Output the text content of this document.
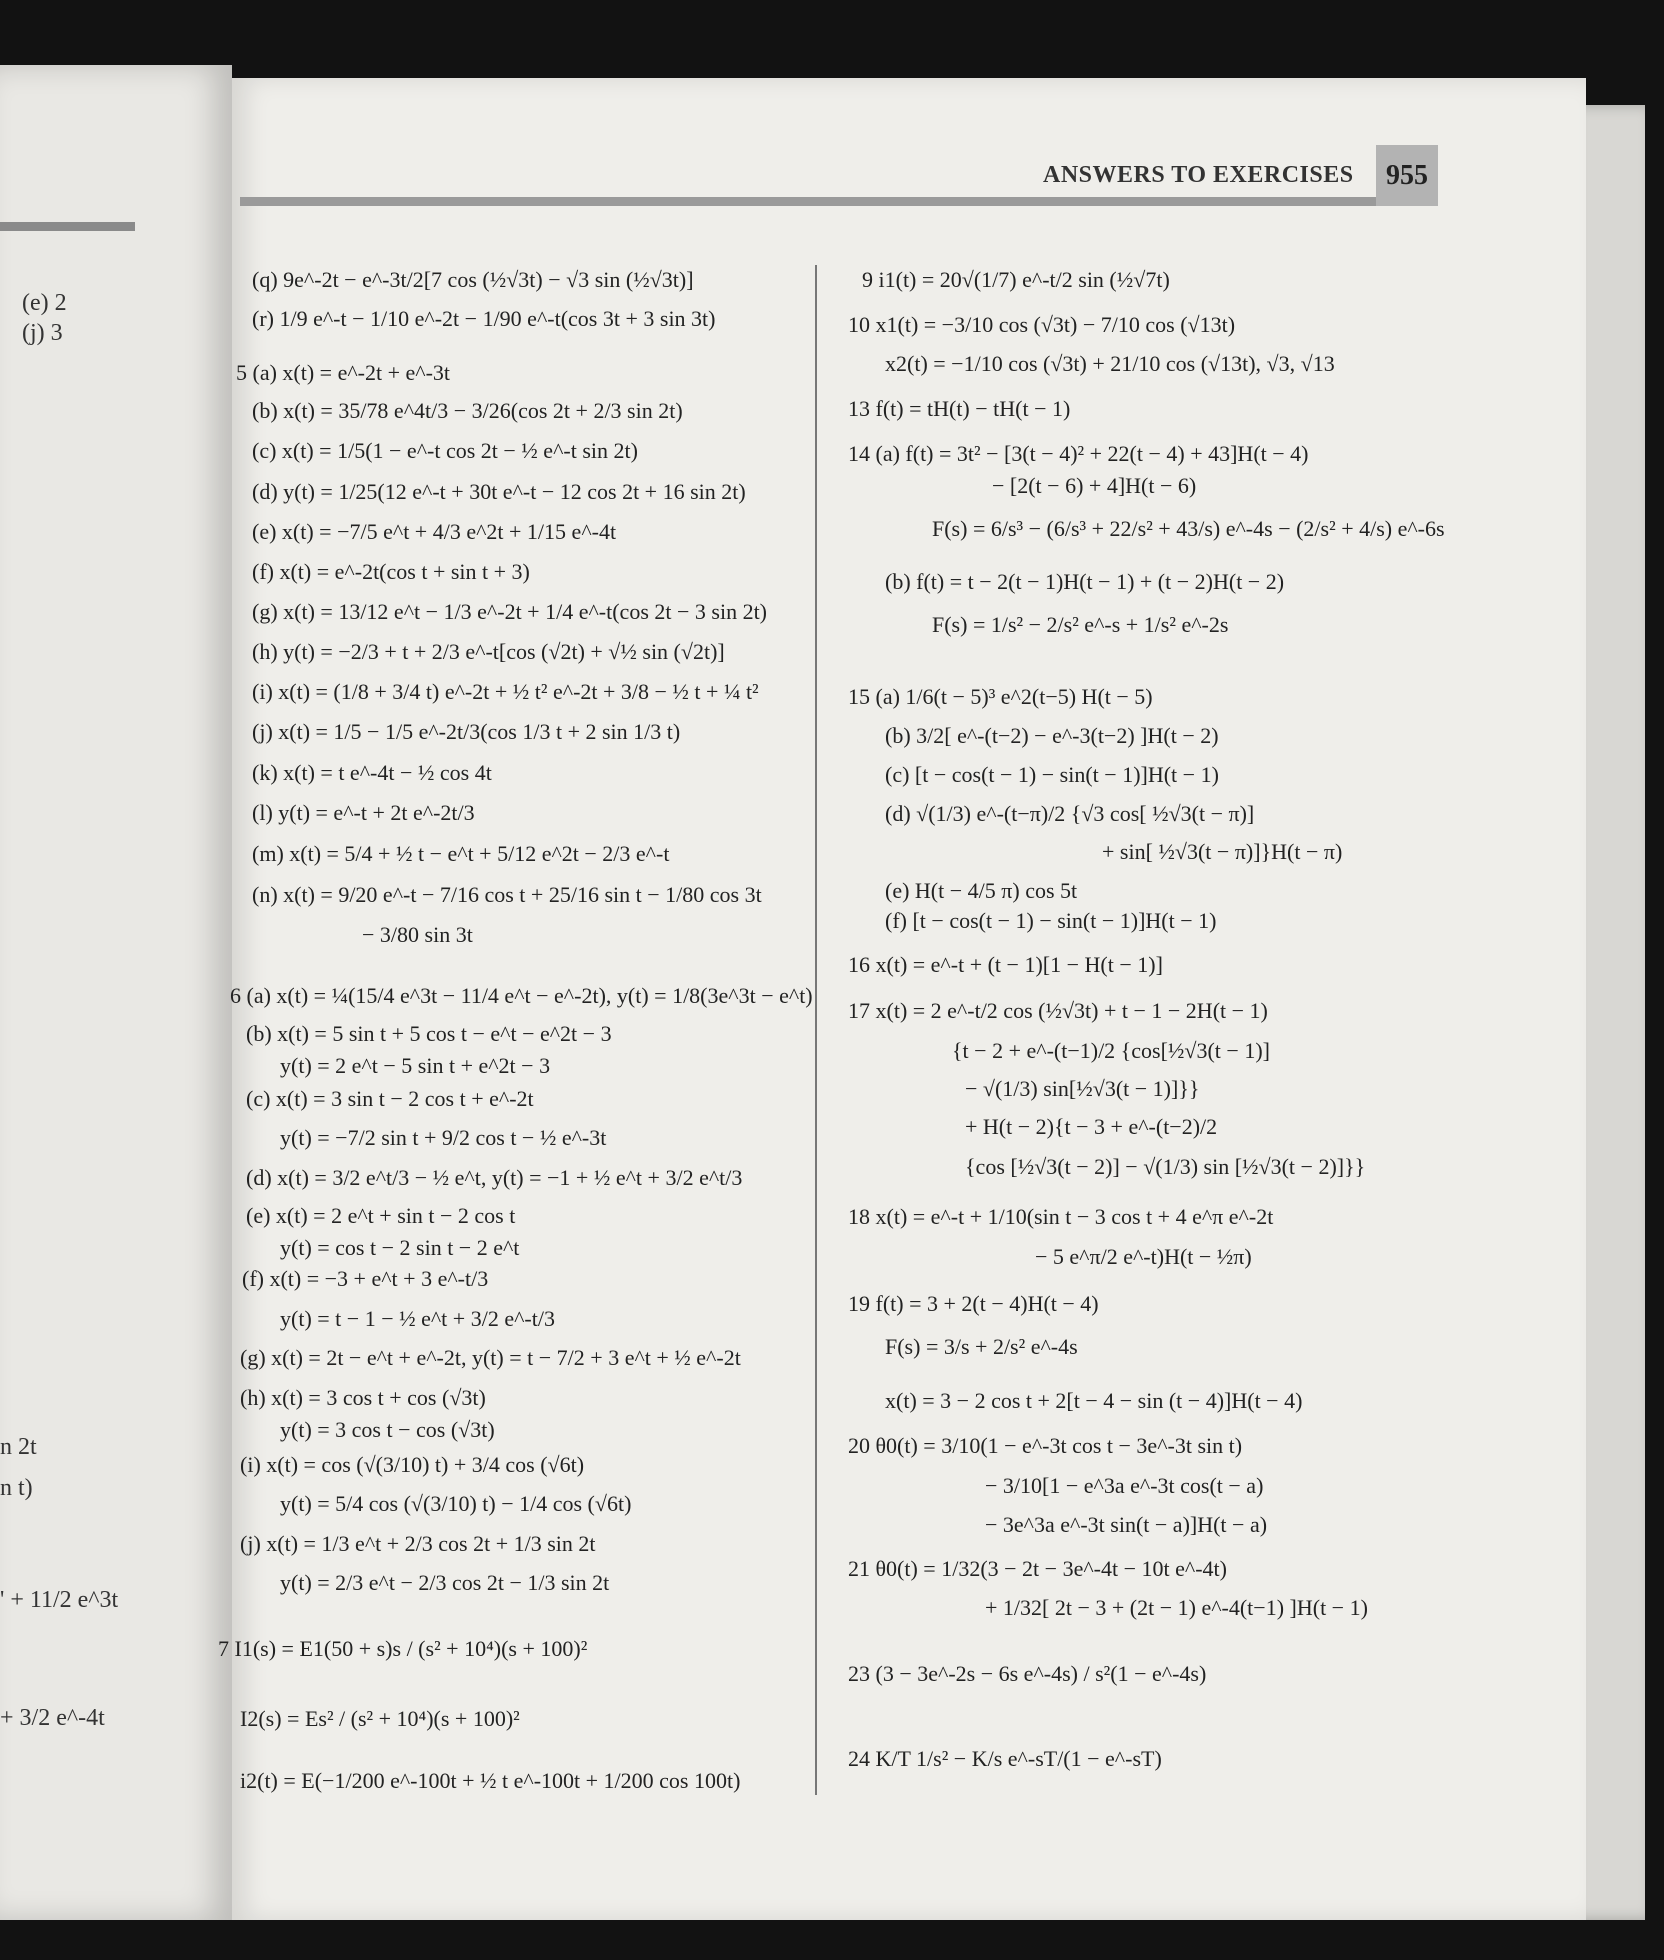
(e) 2
(j) 3
n 2t
n t)
' + 11/2 e^3t
+ 3/2 e^-4t
ANSWERS TO EXERCISES	955
(q) 9e^-2t − e^-3t/2[7 cos (½√3t) − √3 sin (½√3t)]
(r) 1/9 e^-t − 1/10 e^-2t − 1/90 e^-t(cos 3t + 3 sin 3t)
5 (a) x(t) = e^-2t + e^-3t
(b) x(t) = 35/78 e^4t/3 − 3/26(cos 2t + 2/3 sin 2t)
(c) x(t) = 1/5(1 − e^-t cos 2t − ½ e^-t sin 2t)
(d) y(t) = 1/25(12 e^-t + 30t e^-t − 12 cos 2t + 16 sin 2t)
(e) x(t) = −7/5 e^t + 4/3 e^2t + 1/15 e^-4t
(f) x(t) = e^-2t(cos t + sin t + 3)
(g) x(t) = 13/12 e^t − 1/3 e^-2t + 1/4 e^-t(cos 2t − 3 sin 2t)
(h) y(t) = −2/3 + t + 2/3 e^-t[cos (√2t) + √½ sin (√2t)]
(i) x(t) = (1/8 + 3/4 t) e^-2t + ½ t² e^-2t + 3/8 − ½ t + ¼ t²
(j) x(t) = 1/5 − 1/5 e^-2t/3(cos 1/3 t + 2 sin 1/3 t)
(k) x(t) = t e^-4t − ½ cos 4t
(l) y(t) = e^-t + 2t e^-2t/3
(m) x(t) = 5/4 + ½ t − e^t + 5/12 e^2t − 2/3 e^-t
(n) x(t) = 9/20 e^-t − 7/16 cos t + 25/16 sin t − 1/80 cos 3t
− 3/80 sin 3t
6 (a) x(t) = ¼(15/4 e^3t − 11/4 e^t − e^-2t), y(t) = 1/8(3e^3t − e^t)
(b) x(t) = 5 sin t + 5 cos t − e^t − e^2t − 3
y(t) = 2 e^t − 5 sin t + e^2t − 3
(c) x(t) = 3 sin t − 2 cos t + e^-2t
y(t) = −7/2 sin t + 9/2 cos t − ½ e^-3t
(d) x(t) = 3/2 e^t/3 − ½ e^t, y(t) = −1 + ½ e^t + 3/2 e^t/3
(e) x(t) = 2 e^t + sin t − 2 cos t
y(t) = cos t − 2 sin t − 2 e^t
(f) x(t) = −3 + e^t + 3 e^-t/3
y(t) = t − 1 − ½ e^t + 3/2 e^-t/3
(g) x(t) = 2t − e^t + e^-2t, y(t) = t − 7/2 + 3 e^t + ½ e^-2t
(h) x(t) = 3 cos t + cos (√3t)
y(t) = 3 cos t − cos (√3t)
(i) x(t) = cos (√(3/10) t) + 3/4 cos (√6t)
y(t) = 5/4 cos (√(3/10) t) − 1/4 cos (√6t)
(j) x(t) = 1/3 e^t + 2/3 cos 2t + 1/3 sin 2t
y(t) = 2/3 e^t − 2/3 cos 2t − 1/3 sin 2t
7 I1(s) = E1(50 + s)s / (s² + 10⁴)(s + 100)²
I2(s) = Es² / (s² + 10⁴)(s + 100)²
i2(t) = E(−1/200 e^-100t + ½ t e^-100t + 1/200 cos 100t)
9 i1(t) = 20√(1/7) e^-t/2 sin (½√7t)
10 x1(t) = −3/10 cos (√3t) − 7/10 cos (√13t)
x2(t) = −1/10 cos (√3t) + 21/10 cos (√13t), √3, √13
13 f(t) = tH(t) − tH(t − 1)
14 (a) f(t) = 3t² − [3(t − 4)² + 22(t − 4) + 43]H(t − 4)
− [2(t − 6) + 4]H(t − 6)
F(s) = 6/s³ − (6/s³ + 22/s² + 43/s) e^-4s − (2/s² + 4/s) e^-6s
(b) f(t) = t − 2(t − 1)H(t − 1) + (t − 2)H(t − 2)
F(s) = 1/s² − 2/s² e^-s + 1/s² e^-2s
15 (a) 1/6(t − 5)³ e^2(t−5) H(t − 5)
(b) 3/2[ e^-(t−2) − e^-3(t−2) ]H(t − 2)
(c) [t − cos(t − 1) − sin(t − 1)]H(t − 1)
(d) √(1/3) e^-(t−π)/2 {√3 cos[ ½√3(t − π)]
+ sin[ ½√3(t − π)]}H(t − π)
(e) H(t − 4/5 π) cos 5t
(f) [t − cos(t − 1) − sin(t − 1)]H(t − 1)
16 x(t) = e^-t + (t − 1)[1 − H(t − 1)]
17 x(t) = 2 e^-t/2 cos (½√3t) + t − 1 − 2H(t − 1)
{t − 2 + e^-(t−1)/2 {cos[½√3(t − 1)]
− √(1/3) sin[½√3(t − 1)]}}
+ H(t − 2){t − 3 + e^-(t−2)/2
{cos [½√3(t − 2)] − √(1/3) sin [½√3(t − 2)]}}
18 x(t) = e^-t + 1/10(sin t − 3 cos t + 4 e^π e^-2t
− 5 e^π/2 e^-t)H(t − ½π)
19 f(t) = 3 + 2(t − 4)H(t − 4)
F(s) = 3/s + 2/s² e^-4s
x(t) = 3 − 2 cos t + 2[t − 4 − sin (t − 4)]H(t − 4)
20 θ0(t) = 3/10(1 − e^-3t cos t − 3e^-3t sin t)
− 3/10[1 − e^3a e^-3t cos(t − a)
− 3e^3a e^-3t sin(t − a)]H(t − a)
21 θ0(t) = 1/32(3 − 2t − 3e^-4t − 10t e^-4t)
+ 1/32[ 2t − 3 + (2t − 1) e^-4(t−1) ]H(t − 1)
23 (3 − 3e^-2s − 6s e^-4s) / s²(1 − e^-4s)
24 K/T 1/s² − K/s e^-sT/(1 − e^-sT)
